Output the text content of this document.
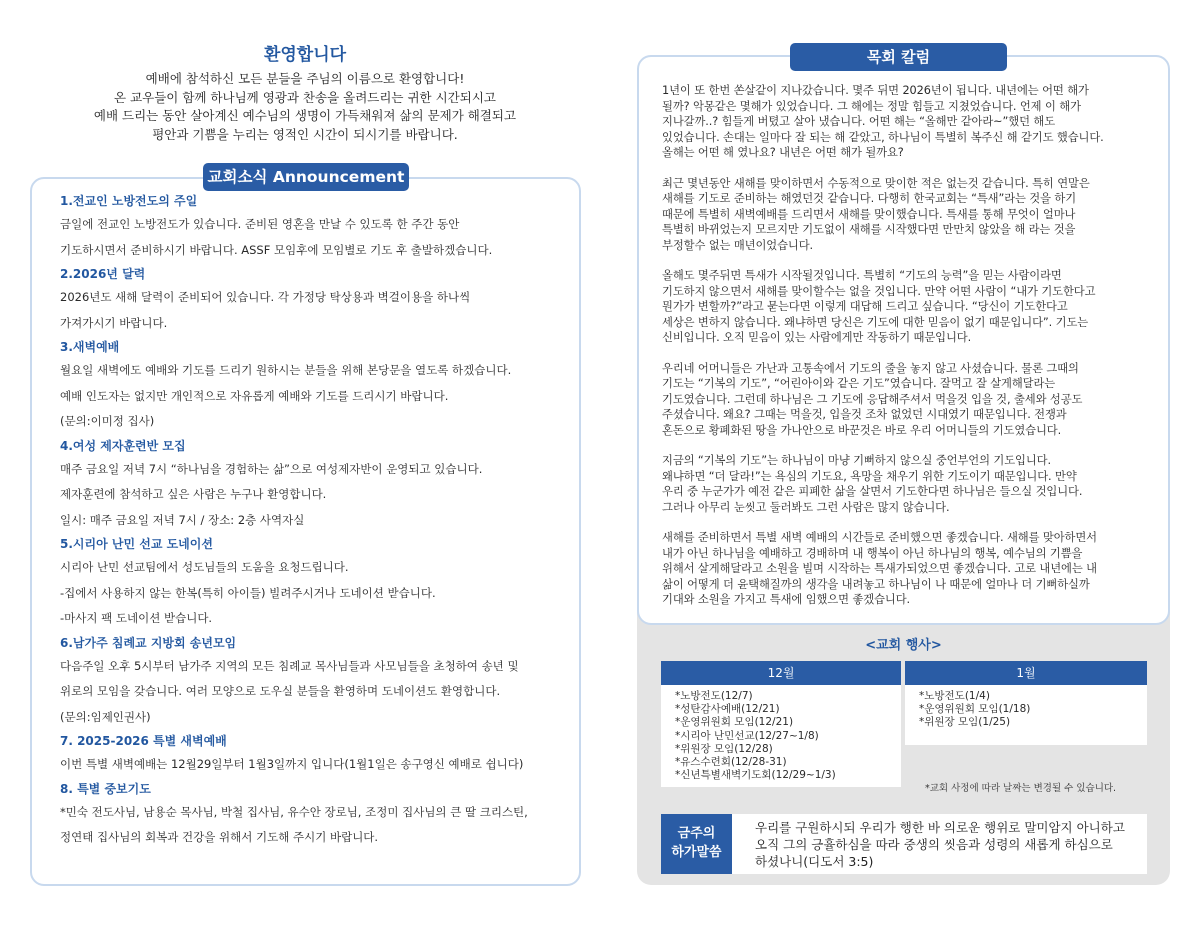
환영합니다

예배에 참석하신 모든 분들을 주님의 이름으로 환영합니다!

온 교우들이 함께 하나님께 영광과 찬송을 올려드리는 귀한 시간되시고

예배 드리는 동안 살아계신 예수님의 생명이 가득채워져 삶의 문제가 해결되고

평안과 기쁨을 누리는 영적인 시간이 되시기를 바랍니다.

교회소식 Announcement
1.전교인 노방전도의 주일
금일에 전교인 노방전도가 있습니다. 준비된 영혼을 만날 수 있도록 한 주간 동안
기도하시면서 준비하시기 바랍니다. ASSF 모임후에 모임별로 기도 후 출발하겠습니다.
2.2026년 달력
2026년도 새해 달력이 준비되어 있습니다. 각 가정당 탁상용과 벽걸이용을 하나씩
가져가시기 바랍니다.
3.새벽예배
월요일 새벽에도 예배와 기도를 드리기 원하시는 분들을 위해 본당문을 열도록 하겠습니다.
예배 인도자는 없지만 개인적으로 자유롭게 예배와 기도를 드리시기 바랍니다.
(문의:이미정 집사)
4.여성 제자훈련반 모집
매주 금요일 저녁 7시 “하나님을 경험하는 삶”으로 여성제자반이 운영되고 있습니다.
제자훈련에 참석하고 싶은 사람은 누구나 환영합니다.
일시: 매주 금요일 저녁 7시 / 장소: 2층 사역자실
5.시리아 난민 선교 도네이션
시리아 난민 선교팀에서 성도님들의 도움을 요청드립니다.
-집에서 사용하지 않는 한복(특히 아이들) 빌려주시거나 도네이션 받습니다.
-마사지 팩 도네이션 받습니다.
6.남가주 침례교 지방회 송년모임
다음주일 오후 5시부터 남가주 지역의 모든 침례교 목사님들과 사모님들을 초청하여 송년 및
위로의 모임을 갖습니다. 여러 모양으로 도우실 분들을 환영하며 도네이션도 환영합니다.
(문의:임제인권사)
7. 2025-2026 특별 새벽예배
이번 특별 새벽예배는 12월29일부터 1월3일까지 입니다(1월1일은 송구영신 예배로 쉽니다)
8. 특별 중보기도
*민숙 전도사님, 남용순 목사님, 박철 집사님, 유수안 장로님, 조정미 집사님의 큰 딸 크리스틴,
정연태 집사님의 회복과 건강을 위해서 기도해 주시기 바랍니다.
목회 칼럼

1년이 또 한번 쏜살같이 지나갔습니다. 몇주 뒤면 2026년이 됩니다. 내년에는 어떤 해가
될까? 악몽같은 몇해가 있었습니다. 그 해에는 정말 힘들고 지쳤었습니다. 언제 이 해가
지나갈까..? 힘들게 버텼고 살아 냈습니다. 어떤 해는 “올해만 같아라~”했던 해도
있었습니다. 손대는 일마다 잘 되는 해 같았고, 하나님이 특별히 복주신 해 같기도 했습니다.
올해는 어떤 해 였나요? 내년은 어떤 해가 될까요?

최근 몇년동안 새해를 맞이하면서 수동적으로 맞이한 적은 없는것 같습니다. 특히 연말은
새해를 기도로 준비하는 해였던것 같습니다. 다행히 한국교회는 “특새”라는 것을 하기
때문에 특별히 새벽예배를 드리면서 새해를 맞이했습니다. 특새를 통해 무엇이 얼마나
특별히 바뀌었는지 모르지만 기도없이 새해를 시작했다면 만만치 않았을 해 라는 것을
부정할수 없는 매년이었습니다.

올해도 몇주뒤면 특새가 시작될것입니다. 특별히 “기도의 능력”을 믿는 사람이라면
기도하지 않으면서 새해를 맞이할수는 없을 것입니다. 만약 어떤 사람이 “내가 기도한다고
뭔가가 변할까?”라고 묻는다면 이렇게 대답해 드리고 싶습니다. “당신이 기도한다고
세상은 변하지 않습니다. 왜냐하면 당신은 기도에 대한 믿음이 없기 때문입니다”. 기도는
신비입니다. 오직 믿음이 있는 사람에게만 작동하기 때문입니다.

우리네 어머니들은 가난과 고통속에서 기도의 줄을 놓지 않고 사셨습니다. 물론 그때의
기도는 “기복의 기도”, “어린아이와 같은 기도”였습니다. 잘먹고 잘 살게해달라는
기도였습니다. 그런데 하나님은 그 기도에 응답해주셔서 먹을것 입을 것, 출세와 성공도
주셨습니다. 왜요? 그때는 먹을것, 입을것 조차 없었던 시대였기 때문입니다. 전쟁과
혼돈으로 황폐화된 땅을 가나안으로 바꾼것은 바로 우리 어머니들의 기도였습니다.

지금의 “기복의 기도”는 하나님이 마냥 기뻐하지 않으실 중언부언의 기도입니다.
왜냐하면 “더 달라!”는 욕심의 기도요, 욕망을 채우기 위한 기도이기 때문입니다. 만약
우리 중 누군가가 예전 같은 피폐한 삶을 살면서 기도한다면 하나님은 들으실 것입니다.
그러나 아무리 눈씻고 둘러봐도 그런 사람은 많지 않습니다.

새해를 준비하면서 특별 새벽 예배의 시간들로 준비했으면 좋겠습니다. 새해를 맞아하면서
내가 아닌 하나님을 예배하고 경배하며 내 행복이 아닌 하나님의 행복, 예수님의 기쁨을
위해서 살게해달라고 소원을 빌며 시작하는 특새가되었으면 좋겠습니다. 고로 내년에는 내
삶이 어떻게 더 윤택해질까의 생각을 내려놓고 하나님이 나 때문에 얼마나 더 기뻐하실까
기대와 소원을 가지고 특새에 임했으면 좋겠습니다.

<교회 행사>
12월
*노방전도(12/7)
*성탄감사예배(12/21)
*운영위원회 모임(12/21)
*시리아 난민선교(12/27~1/8)
*위원장 모임(12/28)
*유스수련회(12/28-31)
*신년특별새벽기도회(12/29~1/3)
1월
*노방전도(1/4)
*운영위원회 모임(1/18)
*위원장 모임(1/25)
*교회 사정에 따라 날짜는 변경될 수 있습니다.
금주의
하가말씀
우리를 구원하시되 우리가 행한 바 의로운 행위로 말미암지 아니하고
오직 그의 긍휼하심을 따라 중생의 씻음과 성령의 새롭게 하심으로
하셨나니(디도서 3:5)
